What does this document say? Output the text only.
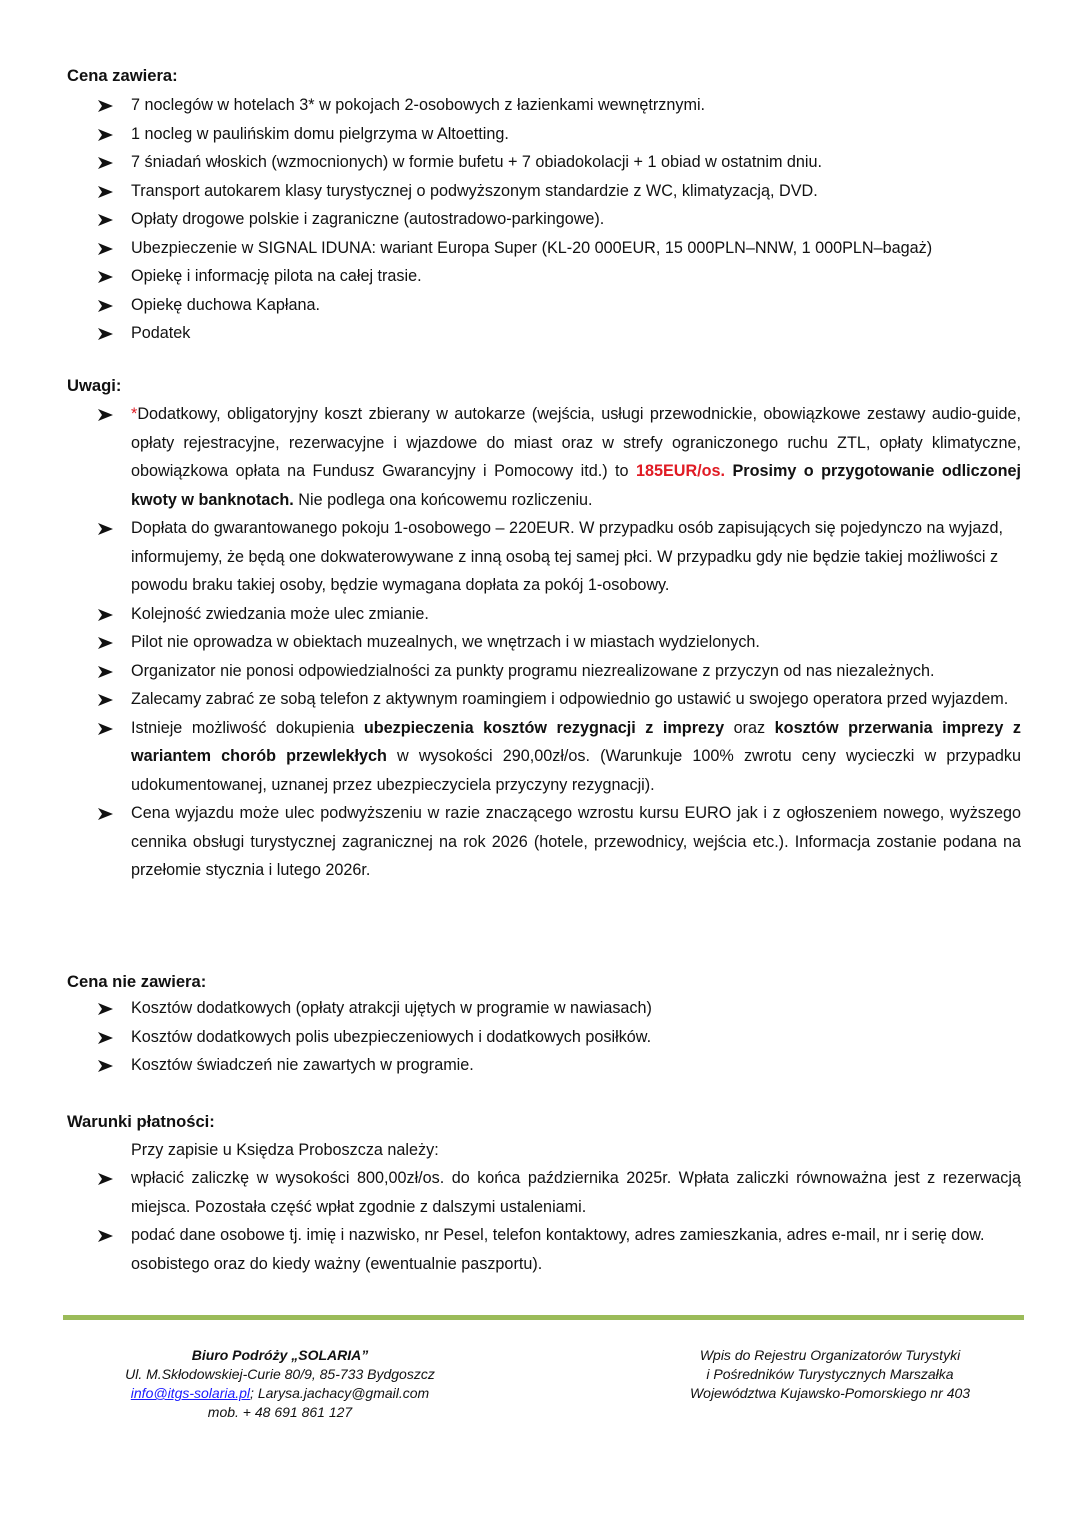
Cena zawiera:
7 noclegów w hotelach 3* w pokojach 2-osobowych z łazienkami wewnętrznymi.
1 nocleg w paulińskim domu pielgrzyma w Altoetting.
7 śniadań włoskich (wzmocnionych) w formie bufetu + 7 obiadokolacji + 1 obiad w ostatnim dniu.
Transport autokarem klasy turystycznej o podwyższonym standardzie z WC, klimatyzacją, DVD.
Opłaty drogowe polskie i zagraniczne (autostradowo-parkingowe).
Ubezpieczenie w SIGNAL IDUNA: wariant Europa Super (KL-20 000EUR, 15 000PLN–NNW, 1 000PLN–bagaż)
Opiekę i informację pilota na całej trasie.
Opiekę duchowa Kapłana.
Podatek
Uwagi:
*Dodatkowy, obligatoryjny koszt zbierany w autokarze (wejścia, usługi przewodnickie, obowiązkowe zestawy audio-guide, opłaty rejestracyjne, rezerwacyjne i wjazdowe do miast oraz w strefy ograniczonego ruchu ZTL, opłaty klimatyczne, obowiązkowa opłata na Fundusz Gwarancyjny i Pomocowy itd.) to 185EUR/os. Prosimy o przygotowanie odliczonej kwoty w banknotach. Nie podlega ona końcowemu rozliczeniu.
Dopłata do gwarantowanego pokoju 1-osobowego – 220EUR. W przypadku osób zapisujących się pojedynczo na wyjazd, informujemy, że będą one dokwaterowywane z inną osobą tej samej płci. W przypadku gdy nie będzie takiej możliwości z powodu braku takiej osoby, będzie wymagana dopłata za pokój 1-osobowy.
Kolejność zwiedzania może ulec zmianie.
Pilot nie oprowadza w obiektach muzealnych, we wnętrzach i w miastach wydzielonych.
Organizator nie ponosi odpowiedzialności za punkty programu niezrealizowane z przyczyn od nas niezależnych.
Zalecamy zabrać ze sobą telefon z aktywnym roamingiem i odpowiednio go ustawić u swojego operatora przed wyjazdem.
Istnieje możliwość dokupienia ubezpieczenia kosztów rezygnacji z imprezy oraz kosztów przerwania imprezy z wariantem chorób przewlekłych w wysokości 290,00zł/os. (Warunkuje 100% zwrotu ceny wycieczki w przypadku udokumentowanej, uznanej przez ubezpieczyciela przyczyny rezygnacji).
Cena wyjazdu może ulec podwyższeniu w razie znaczącego wzrostu kursu EURO jak i z ogłoszeniem nowego, wyższego cennika obsługi turystycznej zagranicznej na rok 2026 (hotele, przewodnicy, wejścia etc.). Informacja zostanie podana na przełomie stycznia i lutego 2026r.
Cena nie zawiera:
Kosztów dodatkowych (opłaty atrakcji ujętych w programie w nawiasach)
Kosztów dodatkowych polis ubezpieczeniowych i dodatkowych posiłków.
Kosztów świadczeń nie zawartych w programie.
Warunki płatności:
Przy zapisie u Księdza Proboszcza należy:
wpłacić zaliczkę w wysokości 800,00zł/os. do końca października 2025r. Wpłata zaliczki równoważna jest z rezerwacją miejsca. Pozostała część wpłat zgodnie z dalszymi ustaleniami.
podać dane osobowe tj. imię i nazwisko, nr Pesel, telefon kontaktowy, adres zamieszkania, adres e-mail, nr i serię dow. osobistego oraz do kiedy ważny (ewentualnie paszportu).
Biuro Podróży „SOLARIA”
Ul. M.Skłodowskiej-Curie 80/9, 85-733 Bydgoszcz
info@itgs-solaria.pl; Larysa.jachacy@gmail.com
mob. + 48 691 861 127
Wpis do Rejestru Organizatorów Turystyki
i Pośredników Turystycznych Marszałka
Województwa Kujawsko-Pomorskiego nr 403
